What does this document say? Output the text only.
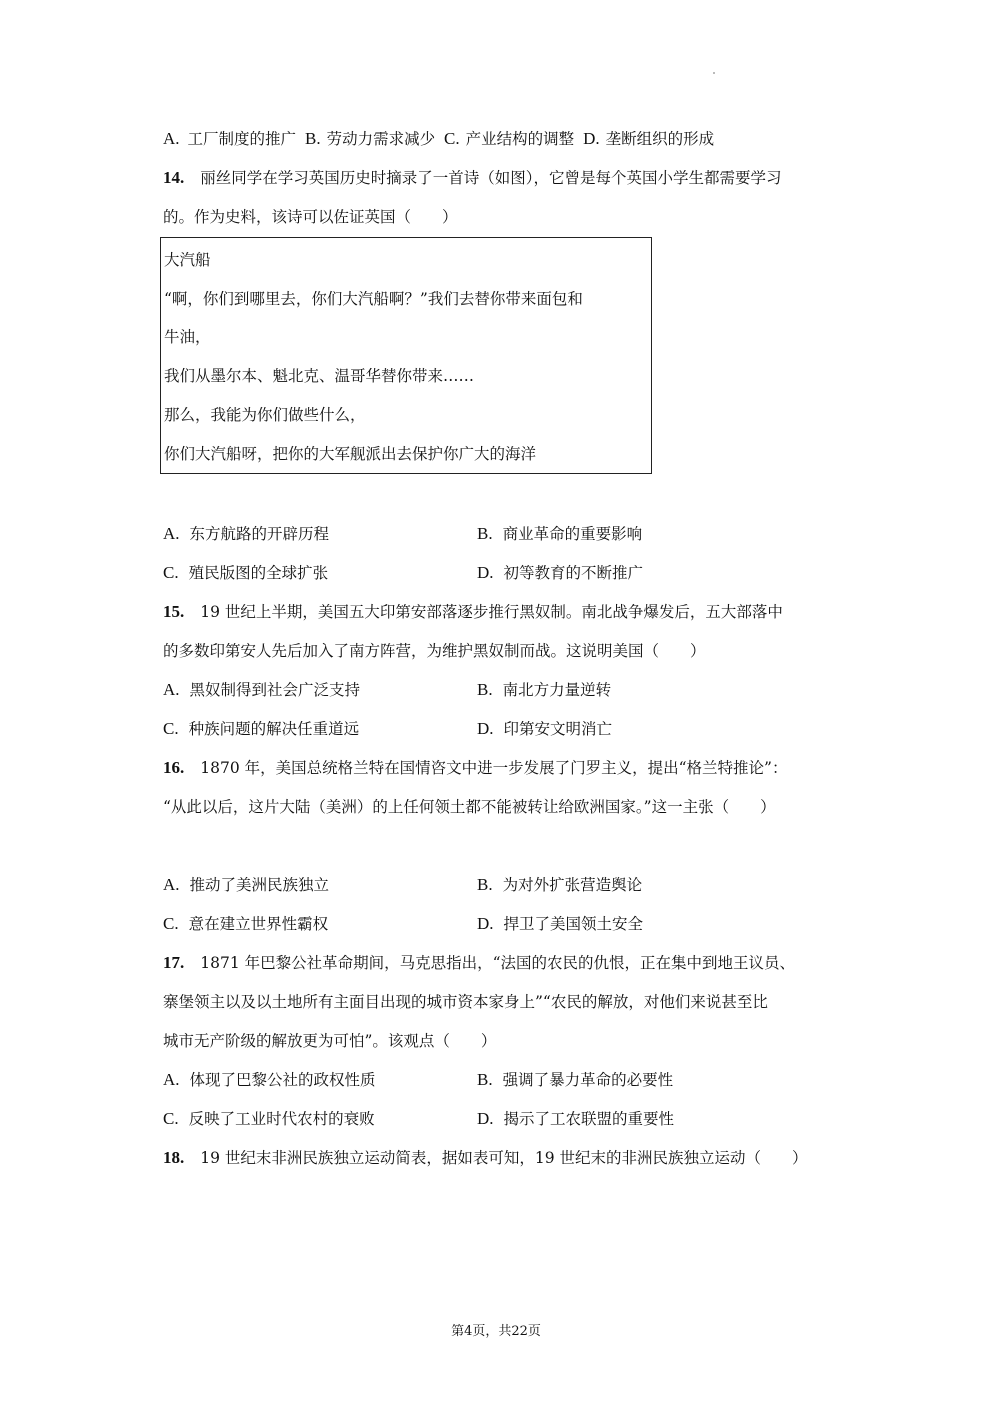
A. 工厂制度的推广 B. 劳动力需求减少 C. 产业结构的调整 D. 垄断组织的形成
14. 丽丝同学在学习英国历史时摘录了一首诗（如图），它曾是每个英国小学生都需要学习
的。作为史料，该诗可以佐证英国（　　）
大汽船
“啊，你们到哪里去，你们大汽船啊？”我们去替你带来面包和
牛油，
我们从墨尔本、魁北克、温哥华替你带来……
那么，我能为你们做些什么，
你们大汽船呀，把你的大军舰派出去保护你广大的海洋
A. 东方航路的开辟历程	B. 商业革命的重要影响
C. 殖民版图的全球扩张	D. 初等教育的不断推广
15. 19 世纪上半期，美国五大印第安部落逐步推行黑奴制。南北战争爆发后，五大部落中
的多数印第安人先后加入了南方阵营，为维护黑奴制而战。这说明美国（　　）
A. 黑奴制得到社会广泛支持	B. 南北方力量逆转
C. 种族问题的解决任重道远	D. 印第安文明消亡
16. 1870 年，美国总统格兰特在国情咨文中进一步发展了门罗主义，提出“格兰特推论”：
“从此以后，这片大陆（美洲）的上任何领土都不能被转让给欧洲国家。”这一主张（　　）
A. 推动了美洲民族独立	B. 为对外扩张营造舆论
C. 意在建立世界性霸权	D. 捍卫了美国领土安全
17. 1871 年巴黎公社革命期间，马克思指出，“法国的农民的仇恨，正在集中到地王议员、
寨堡领主以及以土地所有主面目出现的城市资本家身上”“农民的解放，对他们来说甚至比
城市无产阶级的解放更为可怕”。该观点（　　）
A. 体现了巴黎公社的政权性质	B. 强调了暴力革命的必要性
C. 反映了工业时代农村的衰败	D. 揭示了工农联盟的重要性
18. 19 世纪末非洲民族独立运动简表，据如表可知，19 世纪末的非洲民族独立运动（　　）
第4页，共22页
